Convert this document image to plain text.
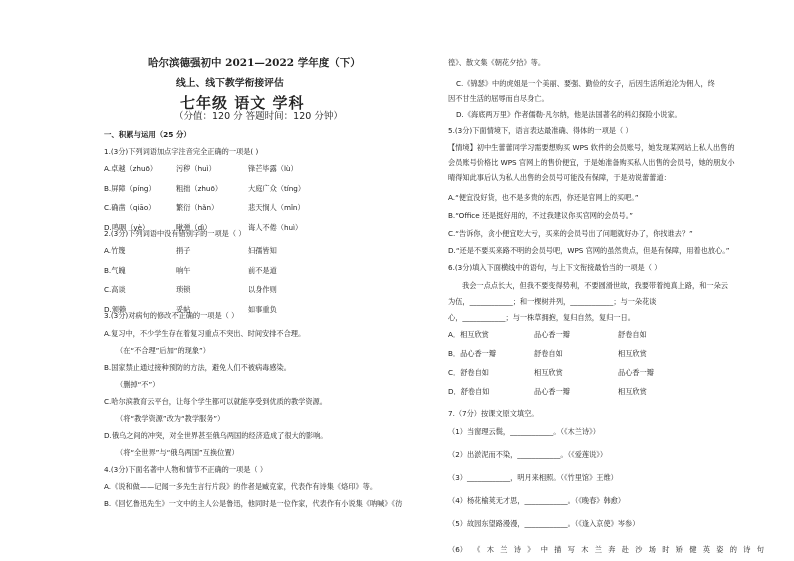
哈尔滨德强初中 2021—2022 学年度（下）
线上、线下教学衔接评估
七年级 语文 学科
（分值：120 分 答题时间：120 分钟）
一、积累与运用（25 分）
1.(3分)下列词语加点字注音完全正确的一项是( )
A.卓越（zhuō）	污秽（huì）	锋芒毕露（lù）
B.屏障（píng）	粗拙（zhuō）	大庭广众（tíng）
C.确凿（qiāo）	繁衍（hǎn）	悲天悯人（mǐn）
D.鸣咽（yè）	啾弹（dì）	诲人不倦（huì）
2.(3分)下列词语中没有错别字的一项是（ ）
A.竹篾	捐子	妇孺皆知
B.气魄	响午	前不是道
C.高谈	琐锁	以身作则
D.颁赖	妥帖	如事重负
3.(3分)对病句的修改不正确的一项是（ ）
A.复习中，不少学生存在着复习重点不突出、时间安排不合理。
（在“不合理”后加“的现象”）
B.国家禁止通过接种预防的方法，避免人们不被病毒感染。
（删掉“不”）
C.哈尔滨教育云平台，让每个学生都可以就能享受到优质的教学资源。
（将“教学资源”改为“教学服务”）
D.俄乌之间的冲突，对全世界甚至俄乌两国的经济造成了很大的影响。
（将“全世界”与“俄乌两国”互换位置）
4.(3分)下面名著中人物和情节不正确的一项是（ ）
A.《说和做——记闻一多先生言行片段》的作者是臧克家，代表作有诗集《烙印》等。
B.《回忆鲁迅先生》一文中的主人公是鲁迅，他同时是一位作家，代表作有小说集《呐喊》《彷
徨》、散文集《朝花夕拾》等。
C.《锦瑟》中的虎姐是一个美丽、要强、勤俭的女子，后因生活所迫沦为佣人，终
因不甘生活的屈辱而自尽身亡。
D.《海底两万里》作者儒勒·凡尔纳，他是法国著名的科幻探险小说家。
5.(3分)下面情境下，语言表达最准确、得体的一项是（ ）
【情境】初中生蕾蕾同学习需要想购买 WPS 软件的会员账号，她发现某网站上私人出售的
会员账号价格比 WPS 官网上的售价便宜，于是她准备购买私人出售的会员号，她的朋友小
晴得知此事后认为私人出售的会员号可能没有保障，于是劝说蕾蕾道：
A.“便宜没好货，也不是多贵的东西，你还是官网上的买吧。”
B.“Office 还是挺好用的，不过我建议你买官网的会员号。”
C.“告诉你，贪小便宜吃大亏，买来的会员号出了问题就好办了，你找谁去？”
D.“还是不要买来路不明的会员号吧，WPS 官网的虽然贵点，但是有保障，用着也放心。”
6.(3分)填入下面横线中的语句，与上下文衔接最恰当的一项是（ ）
我会一点点长大，但我不要变得势利，不要圆滑世故，我要带着纯真上路，和一朵云
为伍，____________；和一棵树并列，____________；与一朵花谈
心，____________；与一株草拥抱，复归自然，复归一日。
A．相互欣赏	品心香一瓣	舒卷自如
B．品心香一瓣	舒卷自如	相互欣赏
C．舒卷自如	相互欣赏	品心香一瓣
D．舒卷自如	品心香一瓣	相互欣赏
7.（7分）按课文原文填空。
（1）当窗理云鬓，____________。（《木兰诗》）
（2）出淤泥而不染，____________。（《爱莲说》）
（3）____________，明月来相照。（《竹里馆》王维）
（4）杨花榆荚无才思，____________。（《晚春》韩愈）
（5）故园东望路漫漫，____________。（《逢入京使》岑参）
（6） 《 木 兰 诗 》 中 描 写 木 兰 奔 赴 沙 场 时 矫 健 英 姿 的 诗 句
